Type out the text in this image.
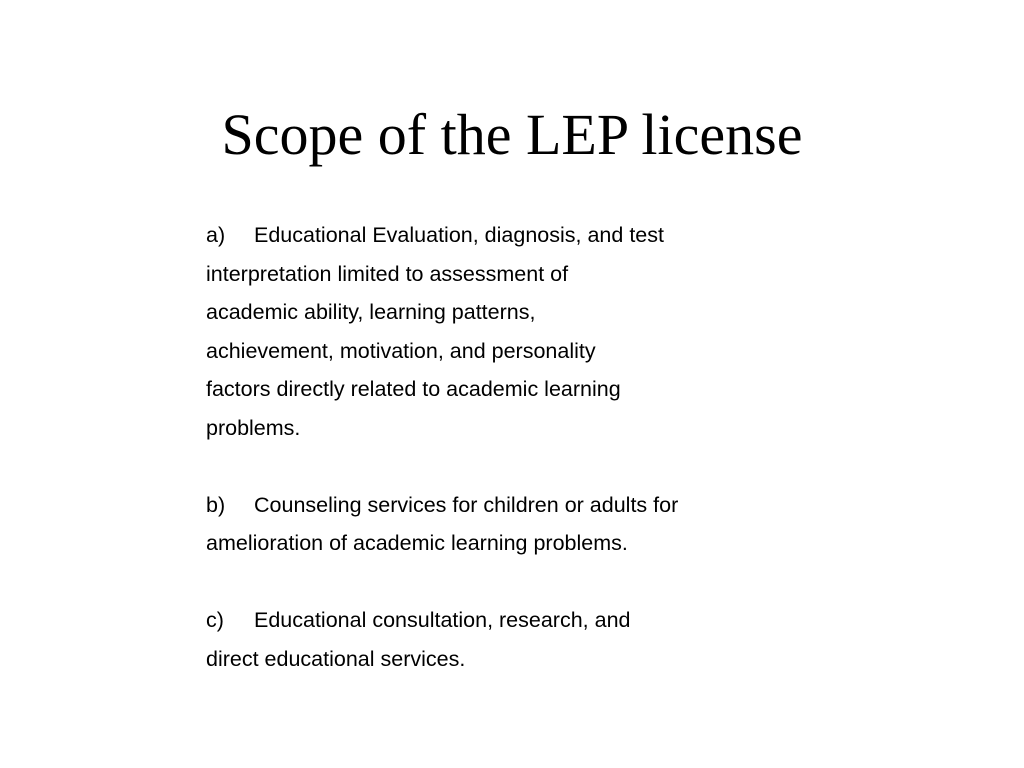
Scope of the LEP license
a) Educational Evaluation, diagnosis, and test
interpretation limited to assessment of
academic ability, learning patterns,
achievement, motivation, and personality
factors directly related to academic learning
problems.
b) Counseling services for children or adults for
amelioration of academic learning problems.
c) Educational consultation, research, and
direct educational services.
